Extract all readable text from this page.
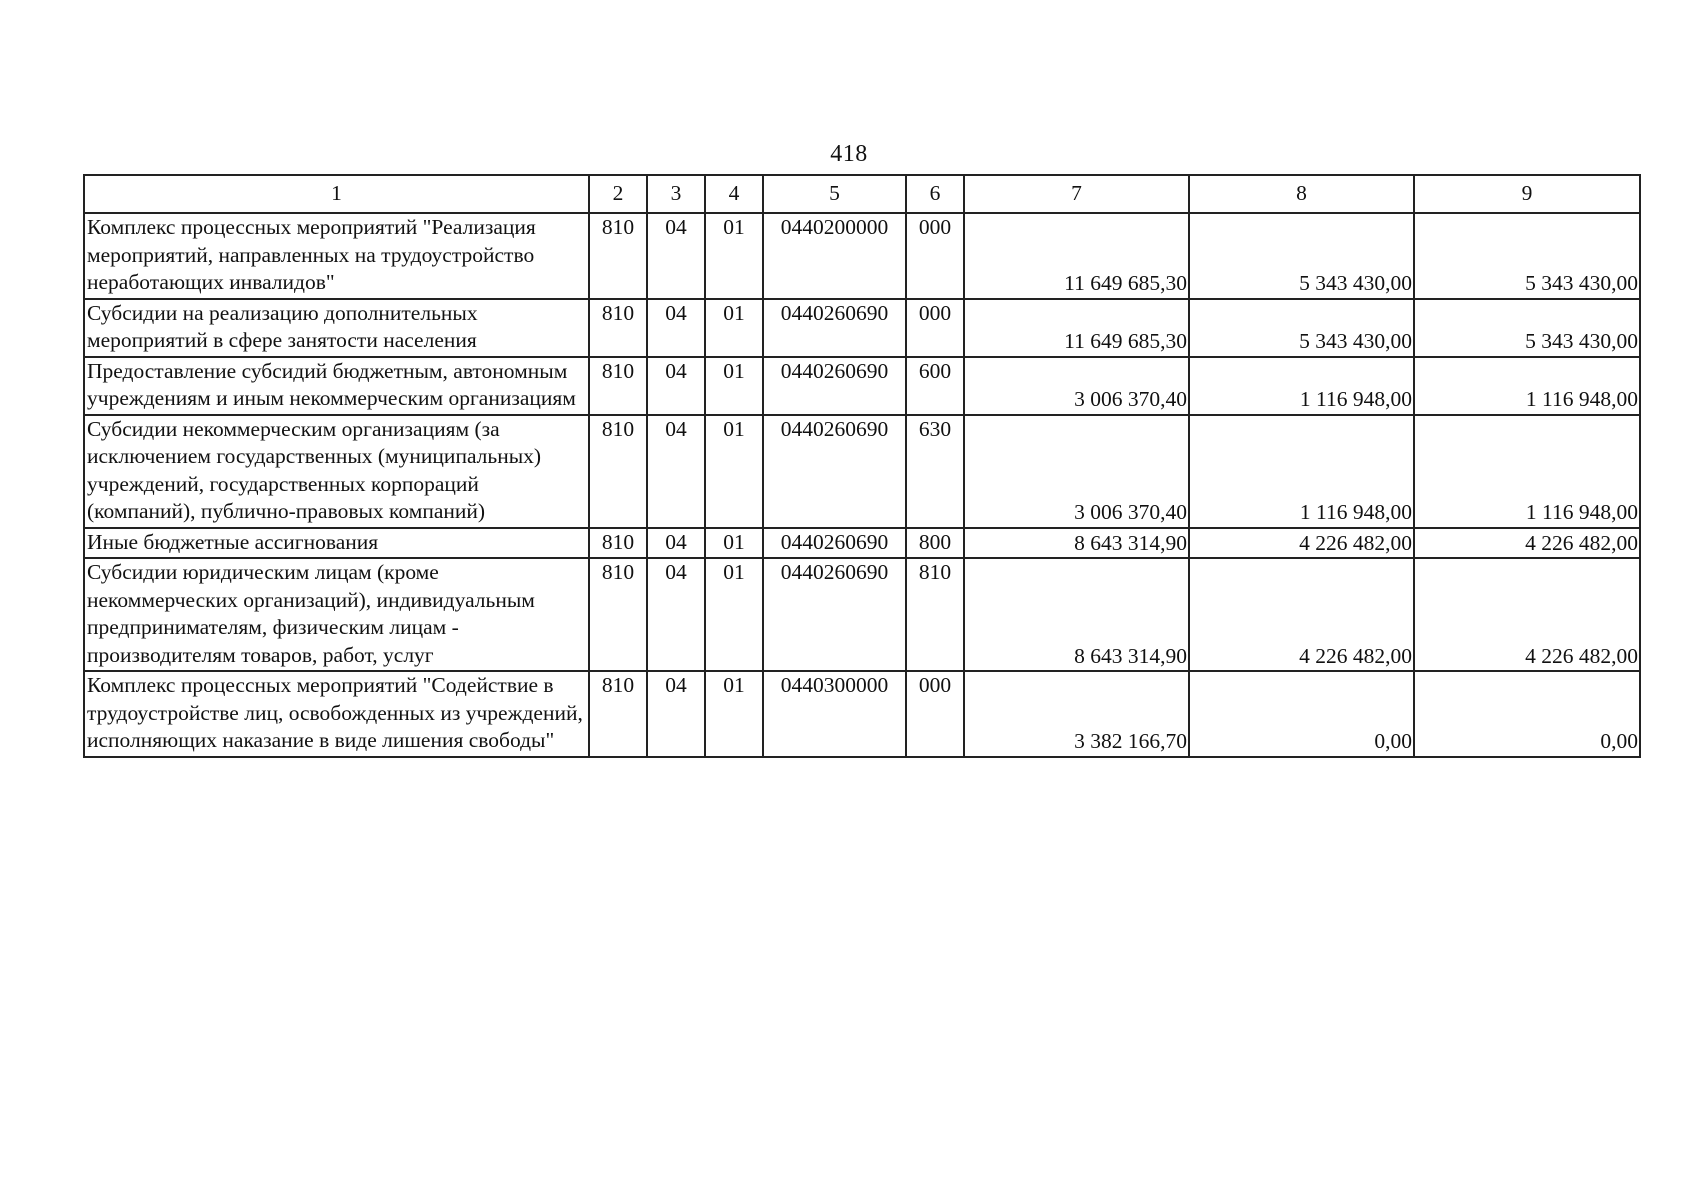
418
1	2	3	4	5	6	7	8	9
Комплекс процессных мероприятий "Реализация мероприятий, направленных на трудоустройство неработающих инвалидов"	810	04	01	0440200000	000	11 649 685,30	5 343 430,00	5 343 430,00
Субсидии на реализацию дополнительных мероприятий в сфере занятости населения	810	04	01	0440260690	000	11 649 685,30	5 343 430,00	5 343 430,00
Предоставление субсидий бюджетным, автономным учреждениям и иным некоммерческим организациям	810	04	01	0440260690	600	3 006 370,40	1 116 948,00	1 116 948,00
Субсидии некоммерческим организациям (за исключением государственных (муниципальных) учреждений, государственных корпораций (компаний), публично-правовых компаний)	810	04	01	0440260690	630	3 006 370,40	1 116 948,00	1 116 948,00
Иные бюджетные ассигнования	810	04	01	0440260690	800	8 643 314,90	4 226 482,00	4 226 482,00
Субсидии юридическим лицам (кроме некоммерческих организаций), индивидуальным предпринимателям, физическим лицам - производителям товаров, работ, услуг	810	04	01	0440260690	810	8 643 314,90	4 226 482,00	4 226 482,00
Комплекс процессных мероприятий "Содействие в трудоустройстве лиц, освобожденных из учреждений, исполняющих наказание в виде лишения свободы"	810	04	01	0440300000	000	3 382 166,70	0,00	0,00
